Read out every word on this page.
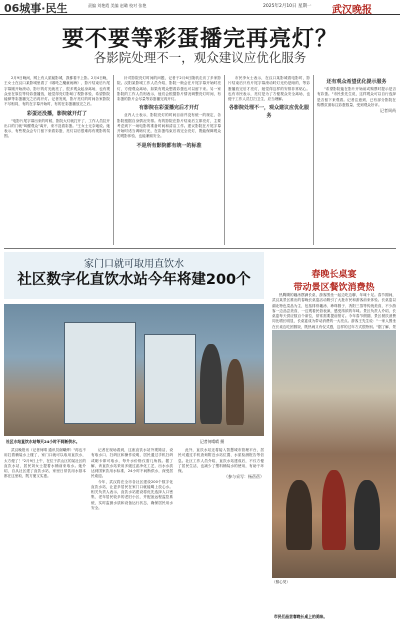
06城事·民生	责编 刘艳霞 美编 赵璐 校对 张艳	2025年2月10日 星期一 武汉晚报
要不要等彩蛋播完再亮灯？
各影院处理不一，观众建议应优化服务

2月9日晚间，网上有人质疑影城，我都看不上影。2月4日晚，王女士在汉口某影城里看了《哪吒之魔童闹海》，影片结束后片尾字幕刚开始滚动，影厅的灯光就亮了，很多观众起身离场，也有观众坐在原位等待彩蛋播放，她觉得亮灯影响了观影体验，希望影院能够等彩蛋播完之后再开灯。记者发现，影厅亮灯的时间各家影院不尽相同，有的在字幕开始时，有的在彩蛋播放完之后。

彩蛋还没播，影院就开灯了

"电影片尾字幕出来的时候，影院大灯就打开了，工作人员拉开出口的门就"叫醒观众"离开，来不及看彩蛋。"王女士无奈地说。她表示，有些观众会专门留下来看彩蛋，亮灯以后很难再有观影的氛围。

针对影院亮灯时间的问题，记者于2月6日随机走访了多家影院。汉阳某影城工作人员介绍，影院一般会在片尾字幕开始时亮灯，方便观众离场，如果有观众想看彩蛋也可以留下来。另一家影院的工作人员则表示，他们会根据影片情况调整亮灯时间，有彩蛋的影片会尽量等彩蛋播完再开灯。

有影院在彩蛋播完后才开灯

业内人士表示，影院亮灯的时间目前并没有统一的规定，各影院根据自身情况安排。有的影院在影片结束后立即亮灯，主要考虑到下一场电影的准备时间和清洁工作。建议影院在片尾字幕开始时适当调暗灯光，在彩蛋结束后再完全亮灯，既能保障观众的观影体验，也能兼顾安全。

不是所有影院都有统一的标准

市民李女士表示，在汉口某影城看电影时，影片结束后只有片尾字幕滚动时灯光仍是暗的，等彩蛋播放完后才亮灯，她觉得这样的安排非常贴心。也有市民表示，亮灯是为了方便观众安全离场，也便于工作人员打扫卫生，应当理解。

各影院处理不一，观众建议应优化服务

还有观众希望优化提示服务

"希望影院能在影片开始前或购票时提示是否有彩蛋。"市民张先生说，这样观众可以自行选择是否留下来观看。记者注意到，已有部分影院在购票页面标注彩蛋数量，受到观众好评。

记者周芮

家门口就可取用直饮水
社区数字化直饮水站今年将建200个
社区水站直饮水站每天24小时不间断供水。	记者何晴晴 摄

武汉晚报讯（记者何晴 通讯员谢曦烨）"再也不用扛着桶装水上楼了，家门口就可以取用直饮水，太方便了！"2月9日上午，在位于洪山区的某社区的直饮水站，居民刘女士提着水桶前来取水。她介绍，自从社区建了直饮水站，家里日常饮用水基本都在这里取，既方便又实惠。

记者在现场看到，这座直饮水站外观简洁，设有取水口、扫码区和操作说明，居民通过手机扫码或刷卡即可取水，每升水价格仅需几角钱。据了解，该直饮水站采用多级过滤净化工艺，出水水质达到国家饮用水标准，24小时不间断供水，深受居民欢迎。

今年，武汉将在全市各社区建设200个数字化直饮水站，让更多居民在家门口就能喝上放心水。相关负责人表示，直饮水站建设将优先选择人口密集、老年居民较多的老旧小区，并配备远程监控系统，实时监测水质和设备运行状态，确保居民用水安全。

此外，直饮水站还将接入智慧城市管理平台，居民可通过手机查询附近水站位置、水质检测报告等信息。社区工作人员介绍，直饮水站建成后，不仅方便了居民生活，也减少了塑料桶装水的使用，有助于环保。

（参与采写：杨蓓蓓）

春晚长桌宴
带动景区餐饮消费热

热腾腾的藕汤摆满长桌，游客围坐一起边吃边聊，年味十足。春节期间，武汉某景区推出的春晚长桌宴活动吸引了大批市民和游客前来体验。长桌宴以湖北特色菜品为主，包括排骨藕汤、珍珠圆子、沔阳三蒸等传统美食，不少游客一边品尝美食，一边观看民俗表演，感受浓浓的年味。景区负责人介绍，长桌宴每天供应数百个席位，常常需要提前预订。今年春节假期，景区餐饮消费同比增长明显，长桌宴成为带动消费的一大亮点。游客王先生说："一家人围坐在长桌边吃团圆饭，既热闹又有仪式感，这样的过年方式很特别。"据了解，景

（鄢心昊）
市民们品尝春晚长桌上的美味。
